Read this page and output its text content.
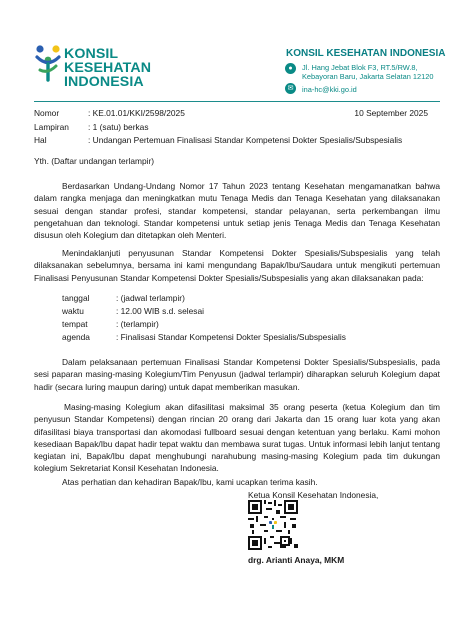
KONSIL
KESEHATAN
INDONESIA
KONSIL KESEHATAN INDONESIA
●	Jl. Hang Jebat Blok F3, RT.5/RW.8,
Kebayoran Baru, Jakarta Selatan 12120
✉	ina-hc@kki.go.id
Nomor	: KE.01.01/KKI/2598/2025	10 September 2025
Lampiran : 1 (satu) berkas
Hal	: Undangan Pertemuan Finalisasi Standar Kompetensi Dokter Spesialis/Subspesialis
Yth. (Daftar undangan terlampir)
Berdasarkan Undang-Undang Nomor 17 Tahun 2023 tentang Kesehatan mengamanatkan bahwa
dalam rangka menjaga dan meningkatkan mutu Tenaga Medis dan Tenaga Kesehatan yang dilaksanakan
sesuai dengan standar profesi, standar kompetensi, standar pelayanan, serta perkembangan ilmu
pengetahuan dan teknologi. Standar kompetensi untuk setiap jenis Tenaga Medis dan Tenaga Kesehatan
disusun oleh Kolegium dan ditetapkan oleh Menteri.
Menindaklanjuti penyusunan Standar Kompetensi Dokter Spesialis/Subspesialis yang telah
dilaksanakan sebelumnya, bersama ini kami mengundang Bapak/Ibu/Saudara untuk mengikuti pertemuan
Finalisasi Penyusunan Standar Kompetensi Dokter Spesialis/Subspesialis yang akan dilaksanakan pada:
tanggal	: (jadwal terlampir)
waktu	: 12.00 WIB s.d. selesai
tempat	: (terlampir)
agenda	: Finalisasi Standar Kompetensi Dokter Spesialis/Subspesialis
Dalam pelaksanaan pertemuan Finalisasi Standar Kompetensi Dokter Spesialis/Subspesialis, pada
sesi paparan masing-masing Kolegium/Tim Penyusun (jadwal terlampir) diharapkan seluruh Kolegium dapat
hadir (secara luring maupun daring) untuk dapat memberikan masukan.
Masing-masing Kolegium akan difasilitasi maksimal 35 orang peserta (ketua Kolegium dan tim
penyusun Standar Kompetensi) dengan rincian 20 orang dari Jakarta dan 15 orang luar kota yang akan
difasilitasi biaya transportasi dan akomodasi fullboard sesuai dengan ketentuan yang berlaku. Kami mohon
kesediaan Bapak/Ibu dapat hadir tepat waktu dan membawa surat tugas. Untuk informasi lebih lanjut tentang
kegiatan ini, Bapak/Ibu dapat menghubungi narahubung masing-masing Kolegium pada tim dukungan
kolegium Sekretariat Konsil Kesehatan Indonesia.
Atas perhatian dan kehadiran Bapak/Ibu, kami ucapkan terima kasih.
Ketua Konsil Kesehatan Indonesia,
drg. Arianti Anaya, MKM
